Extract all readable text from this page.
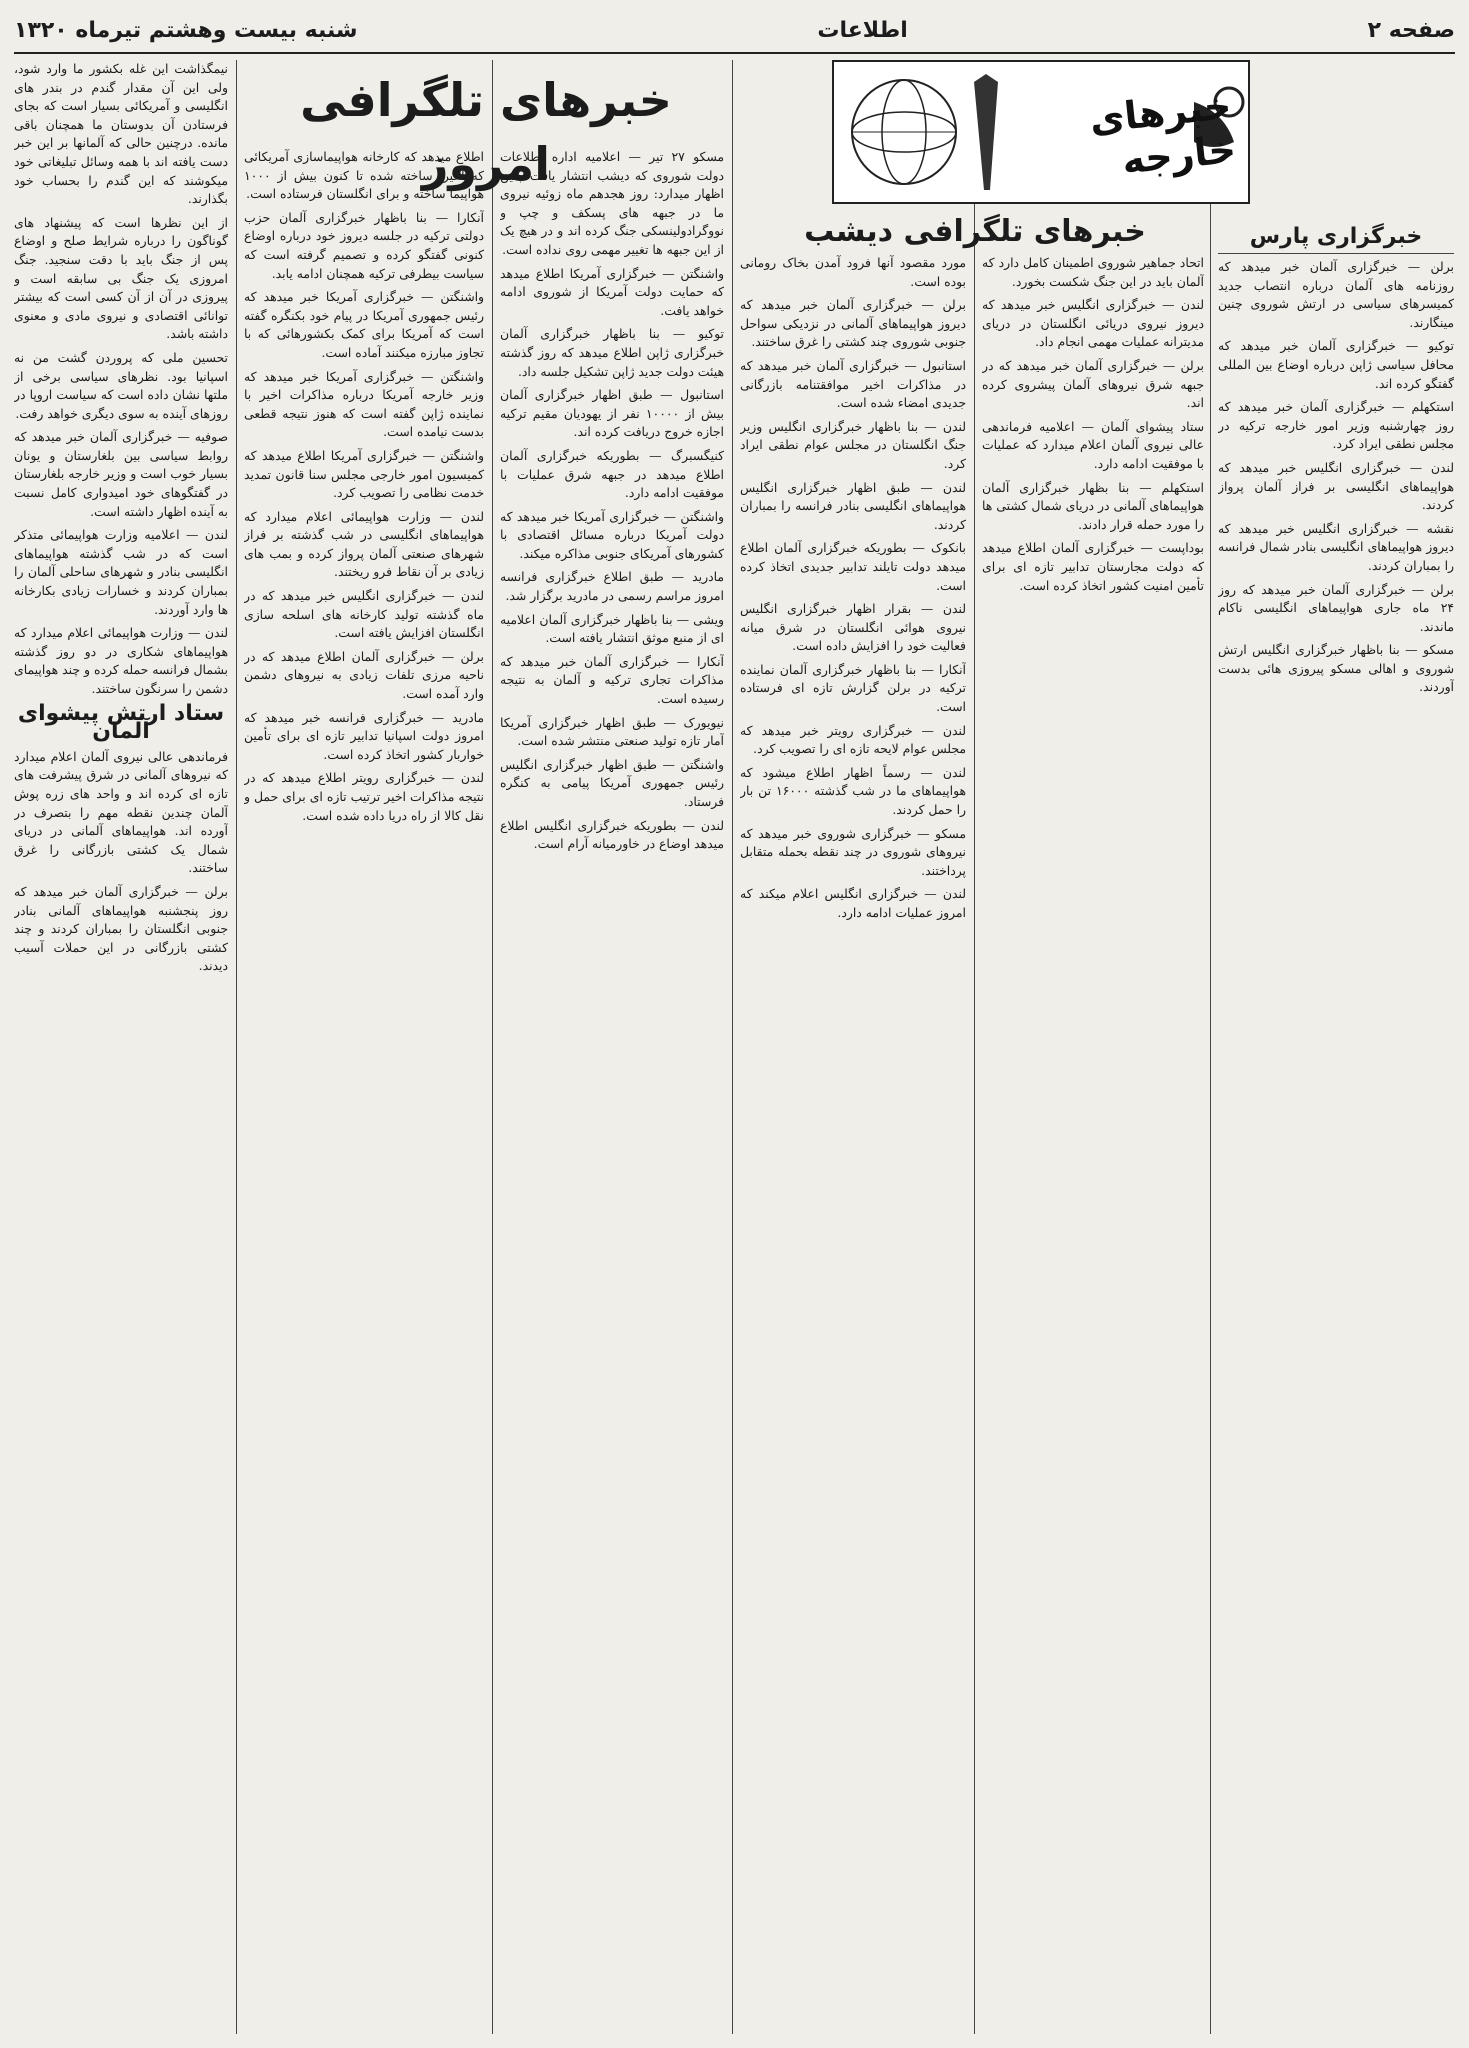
صفحه ۲
اطلاعات
شنبه بیست وهشتم تیرماه ۱۳۲۰

نیمگذاشت این غله بکشور ما وارد شود‌، ولی این آن مقدار گندم در بندر های انگلیسی و آمریکائی بسیار است که بجای فرستادن آن بدوستان ما همچنان باقی مانده. درچنین حالی که آلمانها بر این خبر دست یافته اند با همه وسائل تبلیغاتی خود میکوشند که این گندم را بحساب خود بگذارند.

از این نظرها است که پیشنهاد های گوناگون را درباره شرایط صلح و اوضاع پس از جنگ باید با دقت سنجید. جنگ امروزی یک جنگ بی سابقه است و پیروزی در آن از آن کسی است که بیشتر توانائی اقتصادی و نیروی مادی و معنوی داشته باشد.

تحسین ملی که پروردن گشت من نه اسپانیا بود. نظرهای سیاسی برخی از ملتها نشان داده است که سیاست اروپا در روزهای آینده به سوی دیگری خواهد رفت.

صوفیه — خبرگزاری آلمان خبر میدهد که روابط سیاسی بین بلغارستان و یونان بسیار خوب است و وزیر خارجه بلغارستان در گفتگوهای خود امیدواری کامل نسبت به آینده اظهار داشته است.

لندن — اعلامیه وزارت هواپیمائی متذکر است که در شب گذشته هواپیماهای انگلیسی بنادر و شهرهای ساحلی آلمان را بمباران کردند و خسارات زیادی بکارخانه ها وارد آوردند.

لندن — وزارت هواپیمائی اعلام میدارد که هواپیماهای شکاری در دو روز گذشته بشمال فرانسه حمله کرده و چند هواپیمای دشمن را سرنگون ساختند.

ستاد ارتش پیشوای آلمان

فرماندهی عالی نیروی آلمان اعلام میدارد که نیروهای آلمانی در شرق پیشرفت های تازه ای کرده اند و واحد های زره پوش آلمان چندین نقطه مهم را بتصرف در آورده اند. هواپیماهای آلمانی در دریای شمال یک کشتی بازرگانی را غرق ساختند.

برلن — خبرگزاری آلمان خبر میدهد که روز پنجشنبه هواپیماهای آلمانی بنادر جنوبی انگلستان را بمباران کردند و چند کشتی بازرگانی در این حملات آسیب دیدند.

خبرهای تلگرافی امروز

اطلاع میدهد که کارخانه هواپیماسازی آمریکائی که اخیراً ساخته شده تا کنون بیش از ۱۰۰۰ هواپیما ساخته و برای انگلستان فرستاده است.

آنکارا — بنا باظهار خبرگزاری آلمان حزب دولتی ترکیه در جلسه دیروز خود درباره اوضاع کنونی گفتگو کرده و تصمیم گرفته است که سیاست بیطرفی ترکیه همچنان ادامه یابد.

واشنگتن — خبرگزاری آمریکا خبر میدهد که رئیس جمهوری آمریکا در پیام خود بکنگره گفته است که آمریکا برای کمک بکشورهائی که با تجاوز مبارزه میکنند آماده است.

واشنگتن — خبرگزاری آمریکا خبر میدهد که وزیر خارجه آمریکا درباره مذاکرات اخیر با نماینده ژاپن گفته است که هنوز نتیجه قطعی بدست نیامده است.

واشنگتن — خبرگزاری آمریکا اطلاع میدهد که کمیسیون امور خارجی مجلس سنا قانون تمدید خدمت نظامی را تصویب کرد.

لندن — وزارت هواپیمائی اعلام میدارد که هواپیماهای انگلیسی در شب گذشته بر فراز شهرهای صنعتی آلمان پرواز کرده و بمب های زیادی بر آن نقاط فرو ریختند.

لندن — خبرگزاری انگلیس خبر میدهد که در ماه گذشته تولید کارخانه های اسلحه سازی انگلستان افزایش یافته است.

برلن — خبرگزاری آلمان اطلاع میدهد که در ناحیه مرزی تلفات زیادی به نیروهای دشمن وارد آمده است.

مادرید — خبرگزاری فرانسه خبر میدهد که امروز دولت اسپانیا تدابیر تازه ای برای تأمین خواربار کشور اتخاذ کرده است.

لندن — خبرگزاری رویتر اطلاع میدهد که در نتیجه مذاکرات اخیر ترتیب تازه ای برای حمل و نقل کالا از راه دریا داده شده است.

مسکو ۲۷ تیر — اعلامیه اداره اطلاعات دولت شوروی که دیشب انتشار یافت چنین اظهار میدارد: روز هجدهم ماه زوئیه نیروی ما در جبهه های پسکف و چپ و نووگرادولینسکی جنگ کرده اند و در هیچ یک از این جبهه ها تغییر مهمی روی نداده است.

واشنگتن — خبرگزاری آمریکا اطلاع میدهد که حمایت دولت آمریکا از شوروی ادامه خواهد یافت.

توکیو — بنا باظهار خبرگزاری آلمان خبرگزاری ژاپن اطلاع میدهد که روز گذشته هیئت دولت جدید ژاپن تشکیل جلسه داد.

استانبول — طبق اظهار خبرگزاری آلمان بیش از ۱۰۰۰۰ نفر از یهودیان مقیم ترکیه اجازه خروج دریافت کرده اند.

کنیگسبرگ — بطوریکه خبرگزاری آلمان اطلاع میدهد در جبهه شرق عملیات با موفقیت ادامه دارد.

واشنگتن — خبرگزاری آمریکا خبر میدهد که دولت آمریکا درباره مسائل اقتصادی با کشورهای آمریکای جنوبی مذاکره میکند.

مادرید — طبق اطلاع خبرگزاری فرانسه امروز مراسم رسمی در مادرید برگزار شد.

ویشی — بنا باظهار خبرگزاری آلمان اعلامیه ای از منبع موثق انتشار یافته است.

آنکارا — خبرگزاری آلمان خبر میدهد که مذاکرات تجاری ترکیه و آلمان به نتیجه رسیده است.

نیویورک — طبق اظهار خبرگزاری آمریکا آمار تازه تولید صنعتی منتشر شده است.

واشنگتن — طبق اظهار خبرگزاری انگلیس رئیس جمهوری آمریکا پیامی به کنگره فرستاد.

لندن — بطوریکه خبرگزاری انگلیس اطلاع میدهد اوضاع در خاورمیانه آرام است.

خبرهای خارجه
خبرهای تلگرافی دیشب

مورد مقصود آنها فرود آمدن بخاک رومانی بوده است.

برلن — خبرگزاری آلمان خبر میدهد که دیروز هواپیماهای آلمانی در نزدیکی سواحل جنوبی شوروی چند کشتی را غرق ساختند.

استانبول — خبرگزاری آلمان خبر میدهد که در مذاکرات اخیر موافقتنامه بازرگانی جدیدی امضاء شده است.

لندن — بنا باظهار خبرگزاری انگلیس وزیر جنگ انگلستان در مجلس عوام نطقی ایراد کرد.

لندن — طبق اظهار خبرگزاری انگلیس هواپیماهای انگلیسی بنادر فرانسه را بمباران کردند.

بانکوک — بطوریکه خبرگزاری آلمان اطلاع میدهد دولت تایلند تدابیر جدیدی اتخاذ کرده است.

لندن — بقرار اظهار خبرگزاری انگلیس نیروی هوائی انگلستان در شرق میانه فعالیت خود را افزایش داده است.

آنکارا — بنا باظهار خبرگزاری آلمان نماینده ترکیه در برلن گزارش تازه ای فرستاده است.

لندن — خبرگزاری رویتر خبر میدهد که مجلس عوام لایحه تازه ای را تصویب کرد.

لندن — رسماً اظهار اطلاع میشود که هواپیماهای ما در شب گذشته ۱۶۰۰۰ تن بار را حمل کردند.

مسکو — خبرگزاری شوروی خبر میدهد که نیروهای شوروی در چند نقطه بحمله متقابل پرداختند.

لندن — خبرگزاری انگلیس اعلام میکند که امروز عملیات ادامه دارد.

اتحاد جماهیر شوروی اطمینان کامل دارد که آلمان باید در این جنگ شکست بخورد.

لندن — خبرگزاری انگلیس خبر میدهد که دیروز نیروی دریائی انگلستان در دریای مدیترانه عملیات مهمی انجام داد.

برلن — خبرگزاری آلمان خبر میدهد که در جبهه شرق نیروهای آلمان پیشروی کرده اند.

ستاد پیشوای آلمان — اعلامیه فرماندهی عالی نیروی آلمان اعلام میدارد که عملیات با موفقیت ادامه دارد.

استکهلم — بنا بظهار خبرگزاری آلمان هواپیماهای آلمانی در دریای شمال کشتی ها را مورد حمله قرار دادند.

بوداپست — خبرگزاری آلمان اطلاع میدهد که دولت مجارستان تدابیر تازه ای برای تأمین امنیت کشور اتخاذ کرده است.

خبرگزاری پارس

برلن — خبرگزاری آلمان خبر میدهد که روزنامه های آلمان درباره انتصاب جدید کمیسرهای سیاسی در ارتش شوروی چنین مینگارند.

توکیو — خبرگزاری آلمان خبر میدهد که محافل سیاسی ژاپن درباره اوضاع بین المللی گفتگو کرده اند.

استکهلم — خبرگزاری آلمان خبر میدهد که روز چهارشنبه وزیر امور خارجه ترکیه در مجلس نطقی ایراد کرد.

لندن — خبرگزاری انگلیس خبر میدهد که هواپیماهای انگلیسی بر فراز آلمان پرواز کردند.

نقشه — خبرگزاری انگلیس خبر میدهد که دیروز هواپیماهای انگلیسی بنادر شمال فرانسه را بمباران کردند.

برلن — خبرگزاری آلمان خبر میدهد که روز ۲۴ ماه جاری هواپیماهای انگلیسی ناکام ماندند.

مسکو — بنا باظهار خبرگزاری انگلیس ارتش شوروی و اهالی مسکو پیروزی هائی بدست آوردند.
